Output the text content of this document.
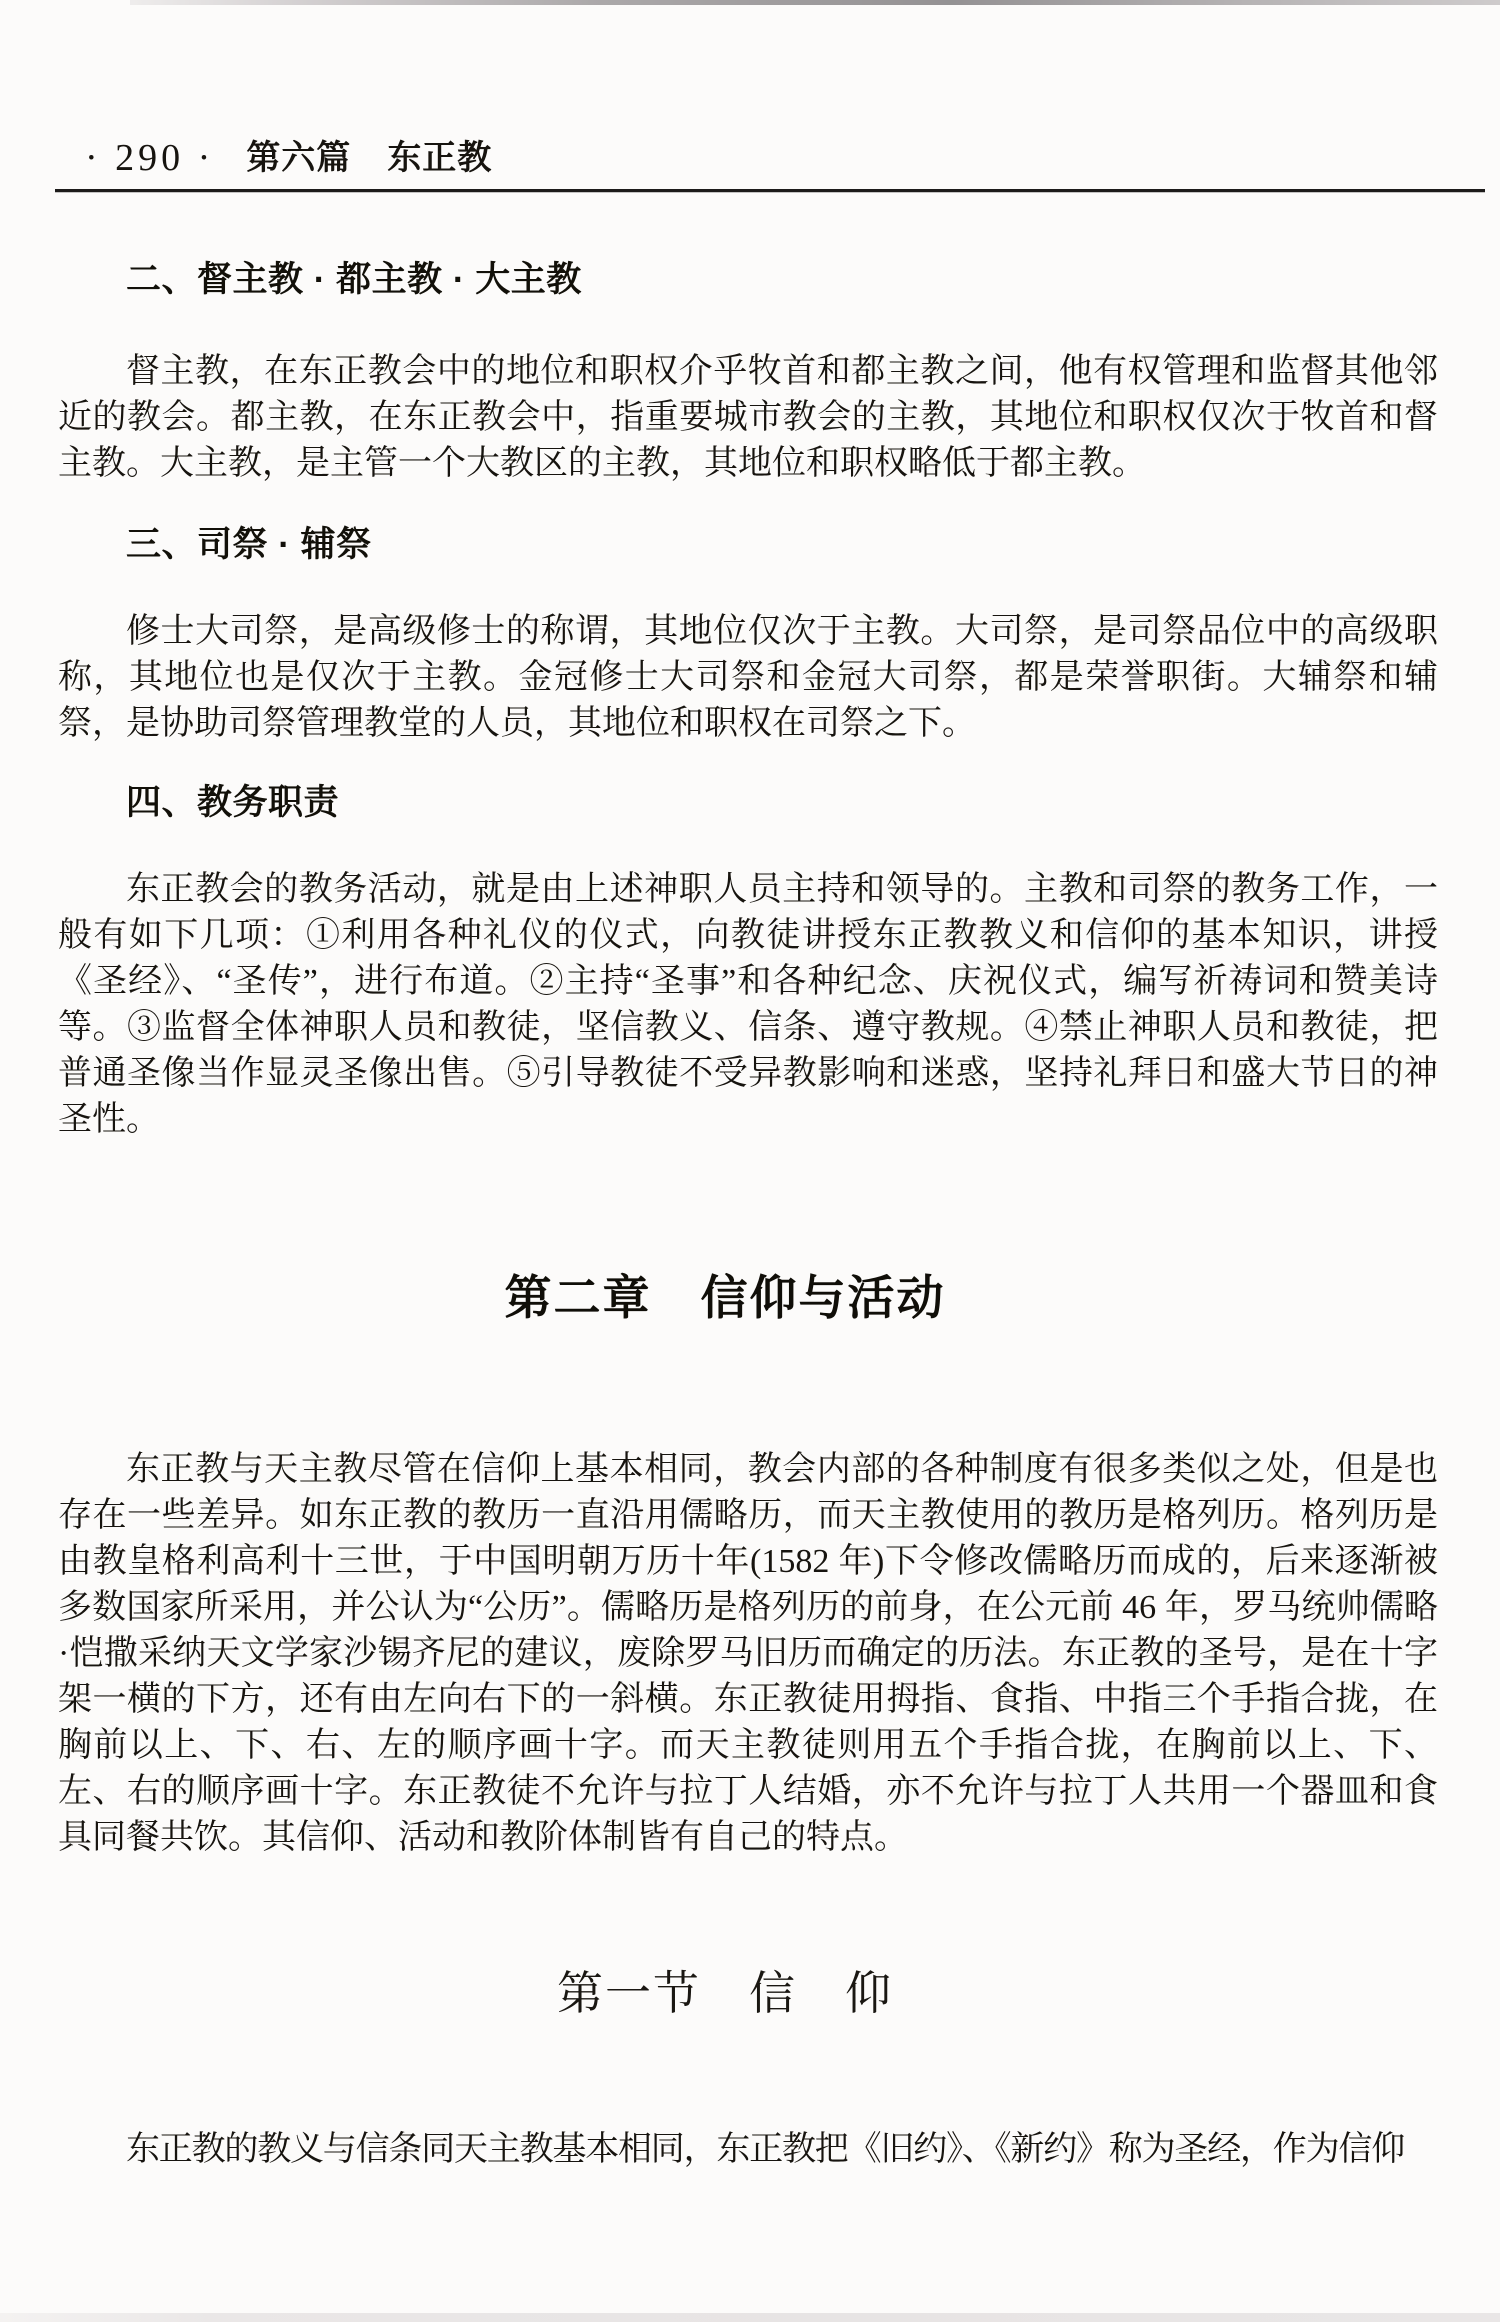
· 290 · 第六篇 东正教
二、督主教 · 都主教 · 大主教

督主教，在东正教会中的地位和职权介乎牧首和都主教之间，他有权管理和监督其他邻近的教会。都主教，在东正教会中，指重要城市教会的主教，其地位和职权仅次于牧首和督主教。大主教，是主管一个大教区的主教，其地位和职权略低于都主教。

三、司祭 · 辅祭

修士大司祭，是高级修士的称谓，其地位仅次于主教。大司祭，是司祭品位中的高级职称，其地位也是仅次于主教。金冠修士大司祭和金冠大司祭，都是荣誉职街。大辅祭和辅祭，是协助司祭管理教堂的人员，其地位和职权在司祭之下。

四、教务职责

东正教会的教务活动，就是由上述神职人员主持和领导的。主教和司祭的教务工作，一般有如下几项：①利用各种礼仪的仪式，向教徒讲授东正教教义和信仰的基本知识，讲授《圣经》、“圣传”，进行布道。②主持“圣事”和各种纪念、庆祝仪式，编写祈祷词和赞美诗等。③监督全体神职人员和教徒，坚信教义、信条、遵守教规。④禁止神职人员和教徒，把普通圣像当作显灵圣像出售。⑤引导教徒不受异教影响和迷惑，坚持礼拜日和盛大节日的神圣性。

第二章　信仰与活动

东正教与天主教尽管在信仰上基本相同，教会内部的各种制度有很多类似之处，但是也存在一些差异。如东正教的教历一直沿用儒略历，而天主教使用的教历是格列历。格列历是由教皇格利高利十三世，于中国明朝万历十年(1582 年)下令修改儒略历而成的，后来逐渐被多数国家所采用，并公认为“公历”。儒略历是格列历的前身，在公元前 46 年，罗马统帅儒略·恺撒采纳天文学家沙锡齐尼的建议，废除罗马旧历而确定的历法。东正教的圣号，是在十字架一横的下方，还有由左向右下的一斜横。东正教徒用拇指、食指、中指三个手指合拢，在胸前以上、下、右、左的顺序画十字。而天主教徒则用五个手指合拢，在胸前以上、下、左、右的顺序画十字。东正教徒不允许与拉丁人结婚，亦不允许与拉丁人共用一个器皿和食具同餐共饮。其信仰、活动和教阶体制皆有自己的特点。

第一节　信　仰

东正教的教义与信条同天主教基本相同，东正教把《旧约》、《新约》称为圣经，作为信仰
